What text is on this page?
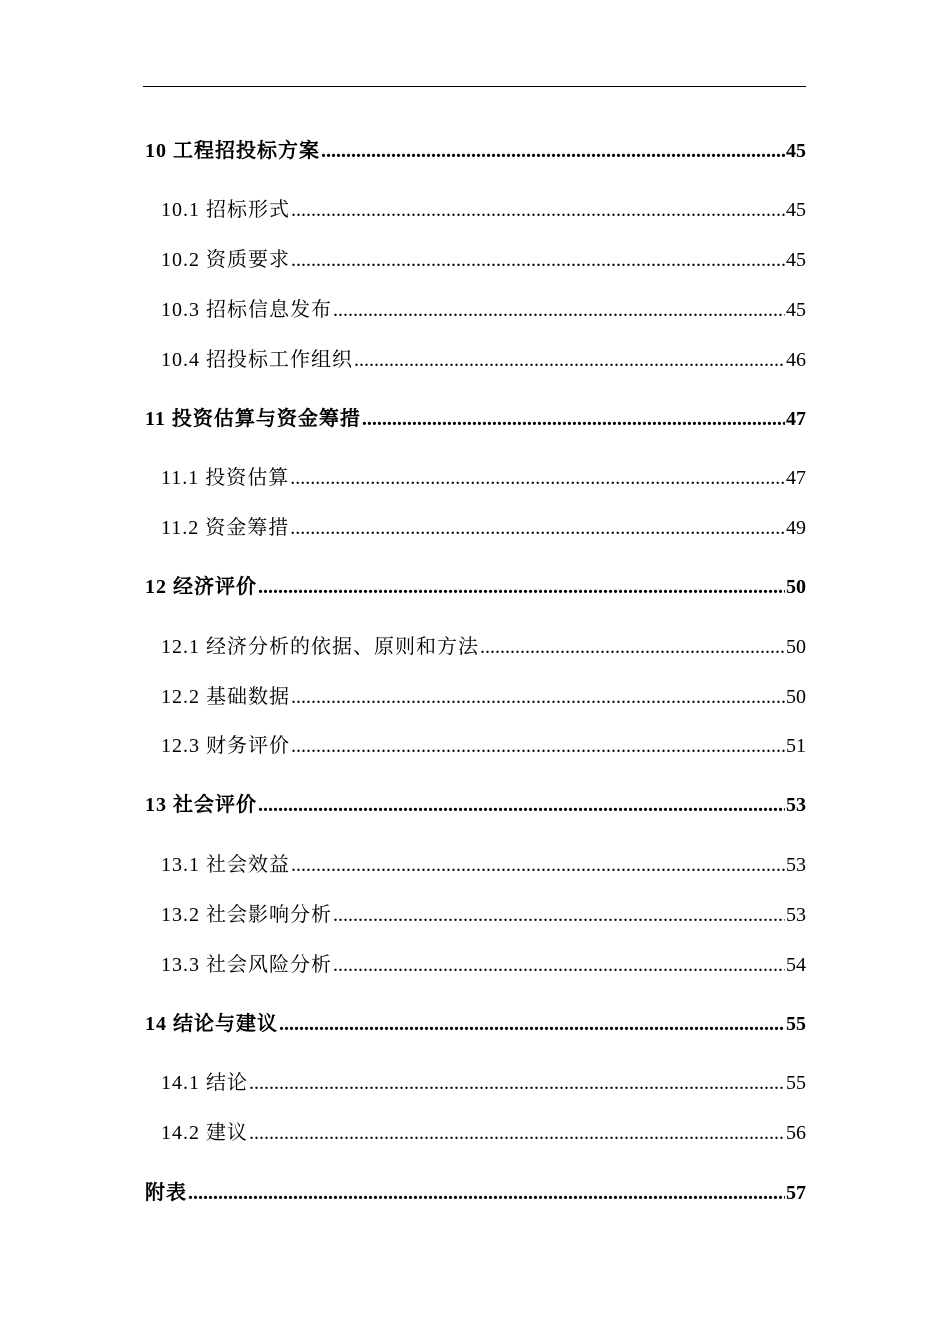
10 工程招投标方案 .....	45
10.1 招标形式 .....	45
10.2 资质要求 .....	45
10.3 招标信息发布 .....	45
10.4 招投标工作组织 .....	46
11 投资估算与资金筹措 .....	47
11.1 投资估算 .....	47
11.2 资金筹措 .....	49
12 经济评价 .....	50
12.1 经济分析的依据、原则和方法 .....	50
12.2 基础数据 .....	50
12.3 财务评价 .....	51
13 社会评价 .....	53
13.1 社会效益 .....	53
13.2 社会影响分析 .....	53
13.3 社会风险分析 .....	54
14 结论与建议 .....	55
14.1 结论 .....	55
14.2 建议 .....	56
附表 .....	57
